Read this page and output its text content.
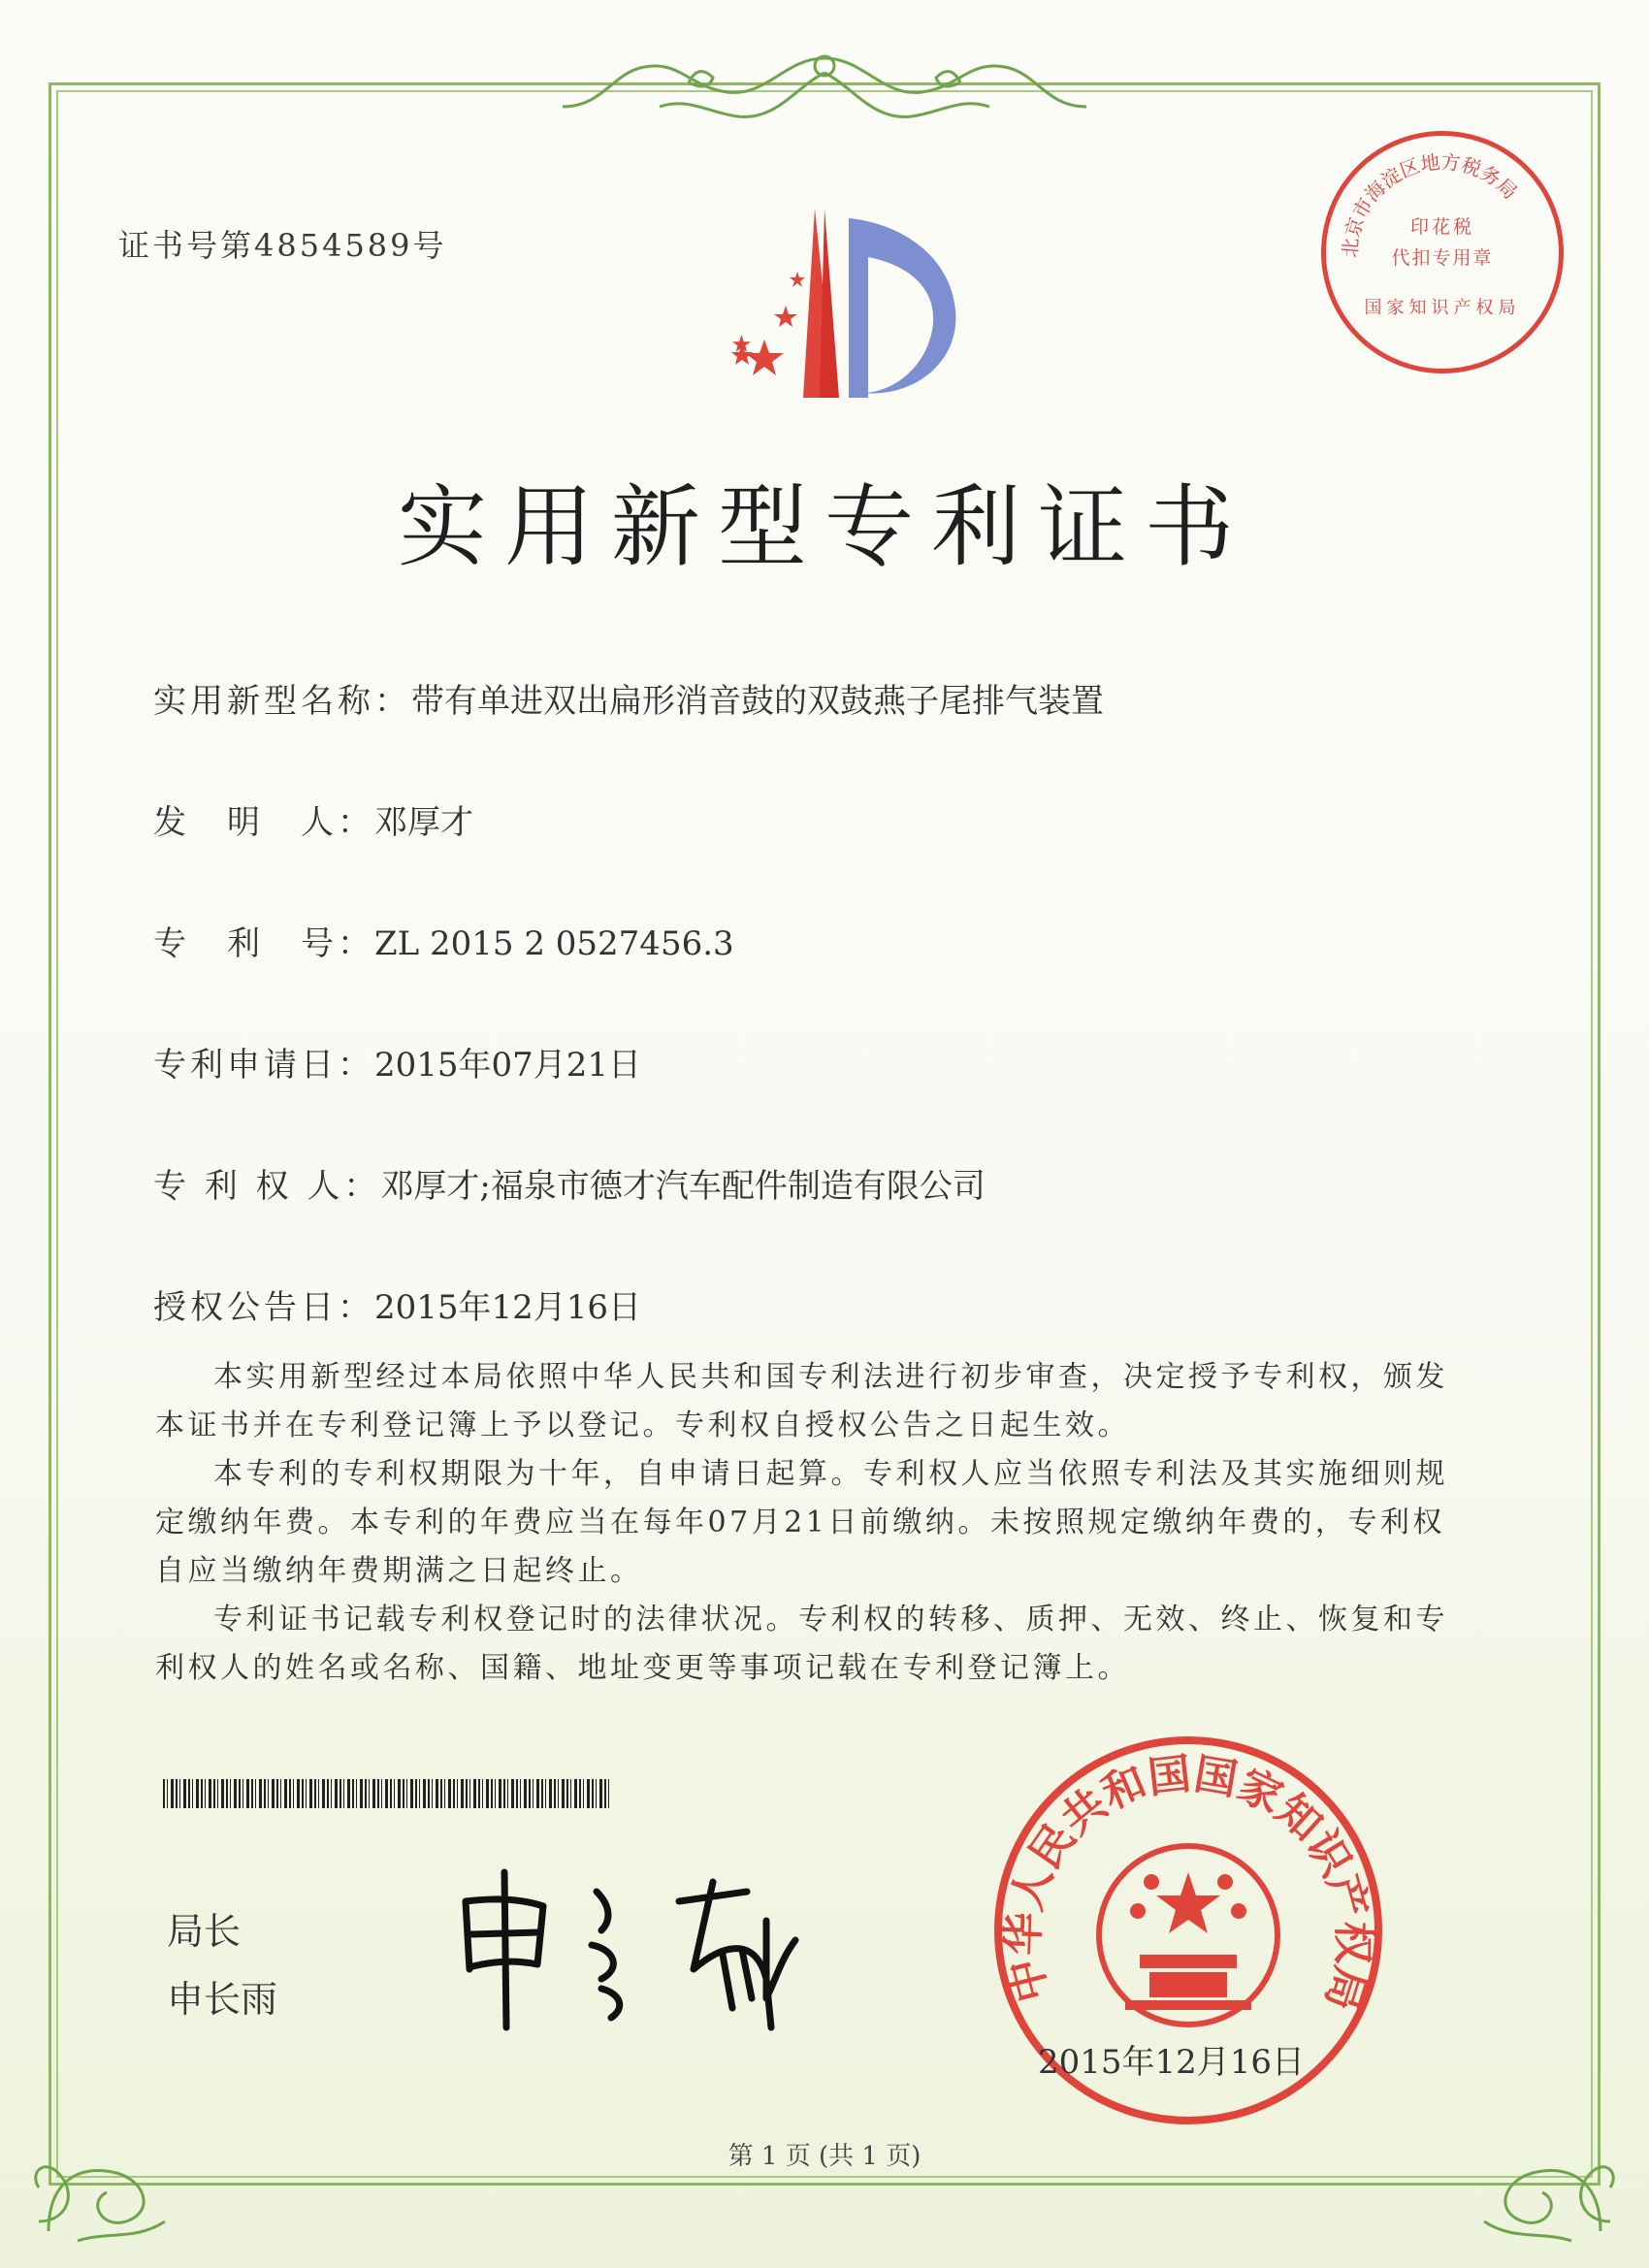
证书号第4854589号	北京市海淀区地方税务局
印花税
代扣专用章
国家知识产权局
实用新型专利证书
实用新型名称：带有单进双出扁形消音鼓的双鼓燕子尾排气装置
发　明　人：邓厚才
专　利　号：ZL 2015 2 0527456.3
专利申请日：2015年07月21日
专 利 权 人：邓厚才;福泉市德才汽车配件制造有限公司
授权公告日：2015年12月16日
本实用新型经过本局依照中华人民共和国专利法进行初步审查，决定授予专利权，颁发本证书并在专利登记簿上予以登记。专利权自授权公告之日起生效。
本专利的专利权期限为十年，自申请日起算。专利权人应当依照专利法及其实施细则规定缴纳年费。本专利的年费应当在每年07月21日前缴纳。未按照规定缴纳年费的，专利权自应当缴纳年费期满之日起终止。
专利证书记载专利权登记时的法律状况。专利权的转移、质押、无效、终止、恢复和专利权人的姓名或名称、国籍、地址变更等事项记载在专利登记簿上。
局长
申长雨	中华人民共和国国家知识产权局
2015年12月16日
第 1 页 (共 1 页)
